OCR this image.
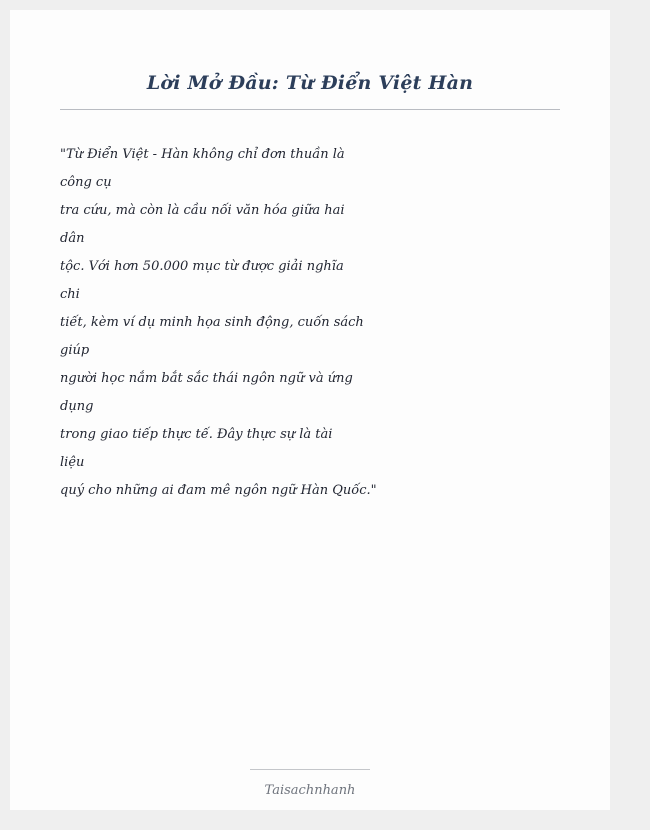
Lời Mở Đầu: Từ Điển Việt Hàn
"Từ Điển Việt - Hàn không chỉ đơn thuần là
công cụ
tra cứu, mà còn là cầu nối văn hóa giữa hai
dân
tộc. Với hơn 50.000 mục từ được giải nghĩa
chi
tiết, kèm ví dụ minh họa sinh động, cuốn sách
giúp
người học nắm bắt sắc thái ngôn ngữ và ứng
dụng
trong giao tiếp thực tế. Đây thực sự là tài
liệu
quý cho những ai đam mê ngôn ngữ Hàn Quốc."
Taisachnhanh
